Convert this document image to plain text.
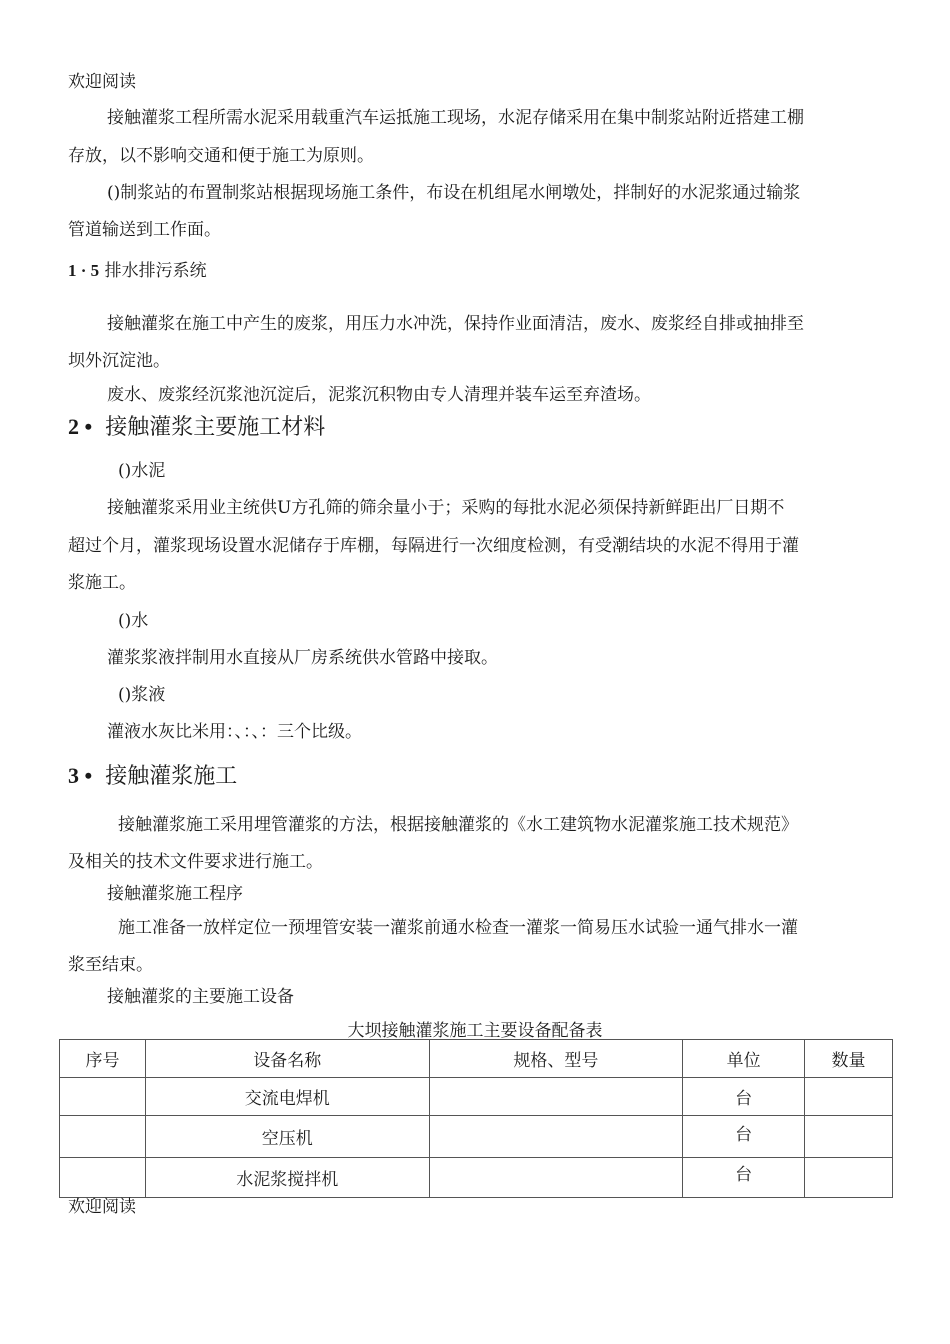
欢迎阅读
接触灌浆工程所需水泥采用载重汽车运抵施工现场，水泥存储采用在集中制浆站附近搭建工棚
存放，以不影响交通和便于施工为原则。
()制浆站的布置制浆站根据现场施工条件，布设在机组尾水闸墩处，拌制好的水泥浆通过输浆
管道输送到工作面。
1 · 5 排水排污系统
接触灌浆在施工中产生的废浆，用压力水冲洗，保持作业面清洁，废水、废浆经自排或抽排至
坝外沉淀池。
废水、废浆经沉浆池沉淀后，泥浆沉积物由专人清理并装车运至弃渣场。
2 • 接触灌浆主要施工材料
()水泥
接触灌浆采用业主统供U方孔筛的筛余量小于；采购的每批水泥必须保持新鲜距出厂日期不
超过个月，灌浆现场设置水泥储存于库棚，每隔进行一次细度检测，有受潮结块的水泥不得用于灌
浆施工。
()水
灌浆浆液拌制用水直接从厂房系统供水管路中接取。
()浆液
灌液水灰比米用：、：、：三个比级。
3 • 接触灌浆施工
接触灌浆施工采用埋管灌浆的方法，根据接触灌浆的《水工建筑物水泥灌浆施工技术规范》
及相关的技术文件要求进行施工。
接触灌浆施工程序
施工准备一放样定位一预埋管安装一灌浆前通水检查一灌浆一简易压水试验一通气排水一灌
浆至结束。
接触灌浆的主要施工设备
大坝接触灌浆施工主要设备配备表
序号	设备名称	规格、型号	单位	数量
	交流电焊机		台	
	空压机		台	
	水泥浆搅拌机		台	
欢迎阅读
